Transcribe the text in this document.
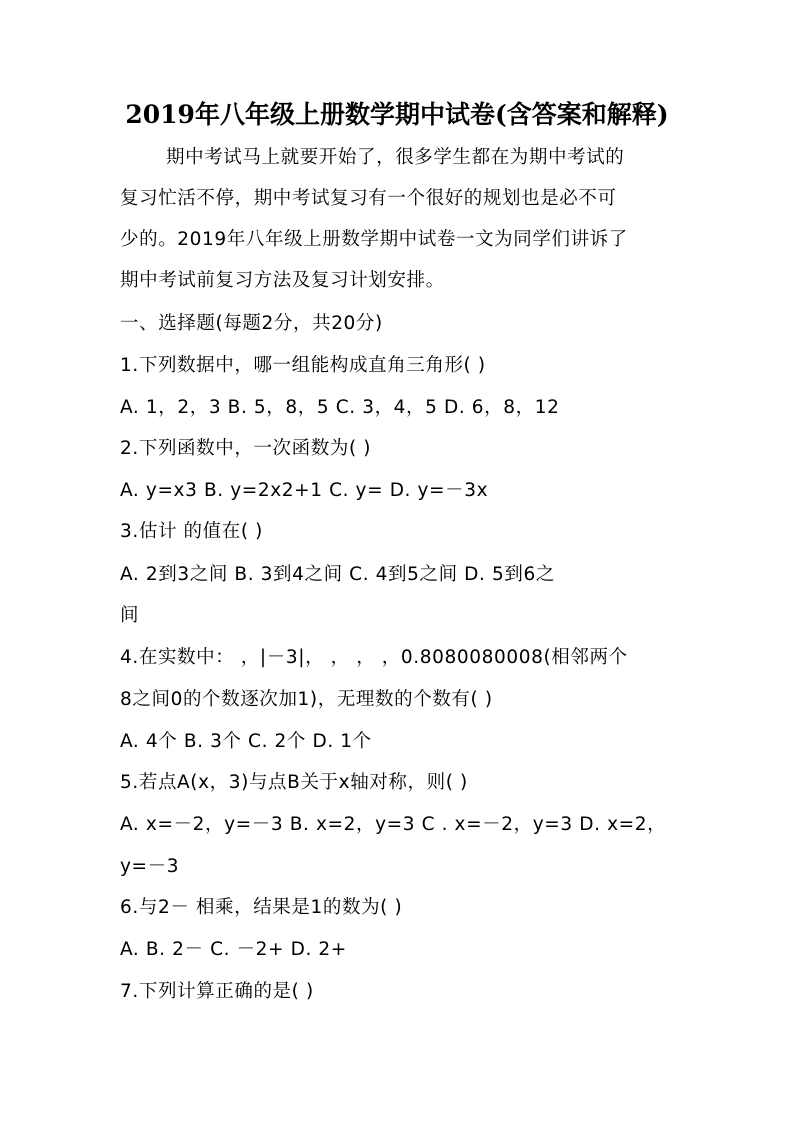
2019年八年级上册数学期中试卷(含答案和解释)
期中考试马上就要开始了，很多学生都在为期中考试的
复习忙活不停，期中考试复习有一个很好的规划也是必不可
少的。2019年八年级上册数学期中试卷一文为同学们讲诉了
期中考试前复习方法及复习计划安排。
一、选择题(每题2分，共20分)
1.下列数据中，哪一组能构成直角三角形( )
A. 1，2，3 B. 5，8，5 C. 3，4，5 D. 6，8，12
2.下列函数中，一次函数为( )
A. y=x3 B. y=2x2+1 C. y= D. y=－3x
3.估计 的值在( )
A. 2到3之间 B. 3到4之间 C. 4到5之间 D. 5到6之
间
4.在实数中： ，|－3|， ， ， ，0.8080080008(相邻两个
8之间0的个数逐次加1)，无理数的个数有( )
A. 4个 B. 3个 C. 2个 D. 1个
5.若点A(x，3)与点B关于x轴对称，则( )
A. x=－2，y=－3 B. x=2，y=3 C . x=－2，y=3 D. x=2，
y=－3
6.与2－ 相乘，结果是1的数为( )
A. B. 2－ C. －2+ D. 2+
7.下列计算正确的是( )
